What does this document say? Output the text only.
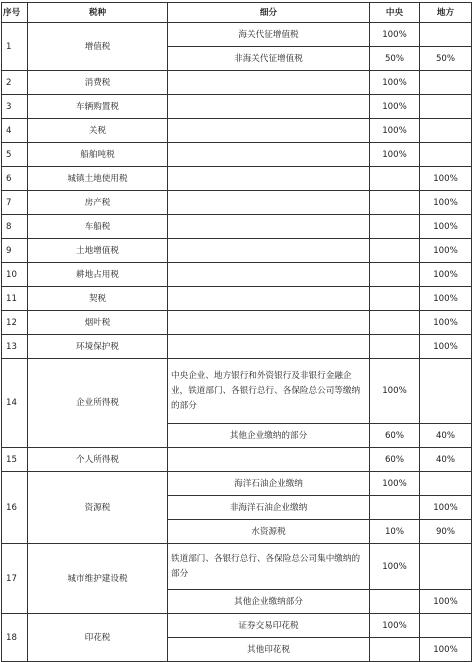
序号	税种	细分	中央	地方
1	增值税	海关代征增值税	100%	
		非海关代征增值税	50%	50%
2	消费税		100%	
3	车辆购置税		100%	
4	关税		100%	
5	船舶吨税		100%	
6	城镇土地使用税			100%
7	房产税			100%
8	车船税			100%
9	土地增值税			100%
10	耕地占用税			100%
11	契税			100%
12	烟叶税			100%
13	环境保护税			100%
14	企业所得税	中央企业、地方银行和外资银行及非银行金融企业，铁道部门、各银行总行、各保险总公司等缴纳的部分	100%	
		其他企业缴纳的部分	60%	40%
15	个人所得税		60%	40%
16	资源税	海洋石油企业缴纳	100%	
		非海洋石油企业缴纳		100%
		水资源税	10%	90%
17	城市维护建设税	铁道部门、各银行总行、各保险总公司集中缴纳的部分	100%	
		其他企业缴纳部分		100%
18	印花税	证券交易印花税	100%	
		其他印花税		100%
